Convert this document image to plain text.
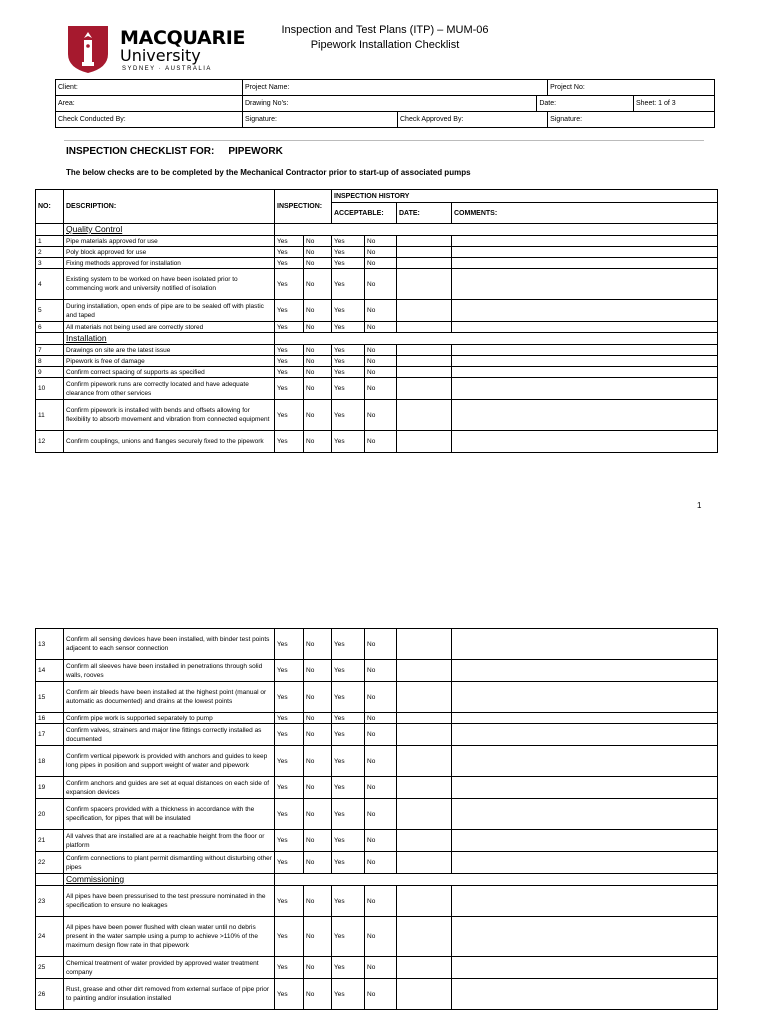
MACQUARIE
University
SYDNEY · AUSTRALIA
Inspection and Test Plans (ITP) – MUM-06
Pipework Installation Checklist
Client:	Project Name:			Project No:	
Area:	Drawing No's:		Date:		Sheet: 1 of 3
Check Conducted By:	Signature:	Check Approved By:		Signature:	
INSPECTION CHECKLIST FOR: PIPEWORK
The below checks are to be completed by the Mechanical Contractor prior to start-up of associated pumps
NO:	DESCRIPTION:	INSPECTION:		INSPECTION HISTORY			
				ACCEPTABLE:		DATE:	COMMENTS:
	Quality Control						
1	Pipe materials approved for use	Yes	No	Yes	No		
2	Poly block approved for use	Yes	No	Yes	No		
3	Fixing methods approved for installation	Yes	No	Yes	No		
4	Existing system to be worked on have been isolated prior to commencing work and university notified of isolation	Yes	No	Yes	No		
5	During installation, open ends of pipe are to be sealed off with plastic and taped	Yes	No	Yes	No		
6	All materials not being used are correctly stored	Yes	No	Yes	No		
	Installation						
7	Drawings on site are the latest issue	Yes	No	Yes	No		
8	Pipework is free of damage	Yes	No	Yes	No		
9	Confirm correct spacing of supports as specified	Yes	No	Yes	No		
10	Confirm pipework runs are correctly located and have adequate clearance from other services	Yes	No	Yes	No		
11	Confirm pipework is installed with bends and offsets allowing for flexibility to absorb movement and vibration from connected equipment	Yes	No	Yes	No		
12	Confirm couplings, unions and flanges securely fixed to the pipework	Yes	No	Yes	No		
1
13	Confirm all sensing devices have been installed, with binder test points adjacent to each sensor connection	Yes	No	Yes	No		
14	Confirm all sleeves have been installed in penetrations through solid walls, rooves	Yes	No	Yes	No		
15	Confirm air bleeds have been installed at the highest point (manual or automatic as documented) and drains at the lowest points	Yes	No	Yes	No		
16	Confirm pipe work is supported separately to pump	Yes	No	Yes	No		
17	Confirm valves, strainers and major line fittings correctly installed as documented	Yes	No	Yes	No		
18	Confirm vertical pipework is provided with anchors and guides to keep long pipes in position and support weight of water and pipework	Yes	No	Yes	No		
19	Confirm anchors and guides are set at equal distances on each side of expansion devices	Yes	No	Yes	No		
20	Confirm spacers provided with a thickness in accordance with the specification, for pipes that will be insulated	Yes	No	Yes	No		
21	All valves that are installed are at a reachable height from the floor or platform	Yes	No	Yes	No		
22	Confirm connections to plant permit dismantling without disturbing other pipes	Yes	No	Yes	No		
	Commissioning						
23	All pipes have been pressurised to the test pressure nominated in the specification to ensure no leakages	Yes	No	Yes	No		
24	All pipes have been power flushed with clean water until no debris present in the water sample using a pump to achieve >110% of the maximum design flow rate in that pipework	Yes	No	Yes	No		
25	Chemical treatment of water provided by approved water treatment company	Yes	No	Yes	No		
26	Rust, grease and other dirt removed from external surface of pipe prior to painting and/or insulation installed	Yes	No	Yes	No		
